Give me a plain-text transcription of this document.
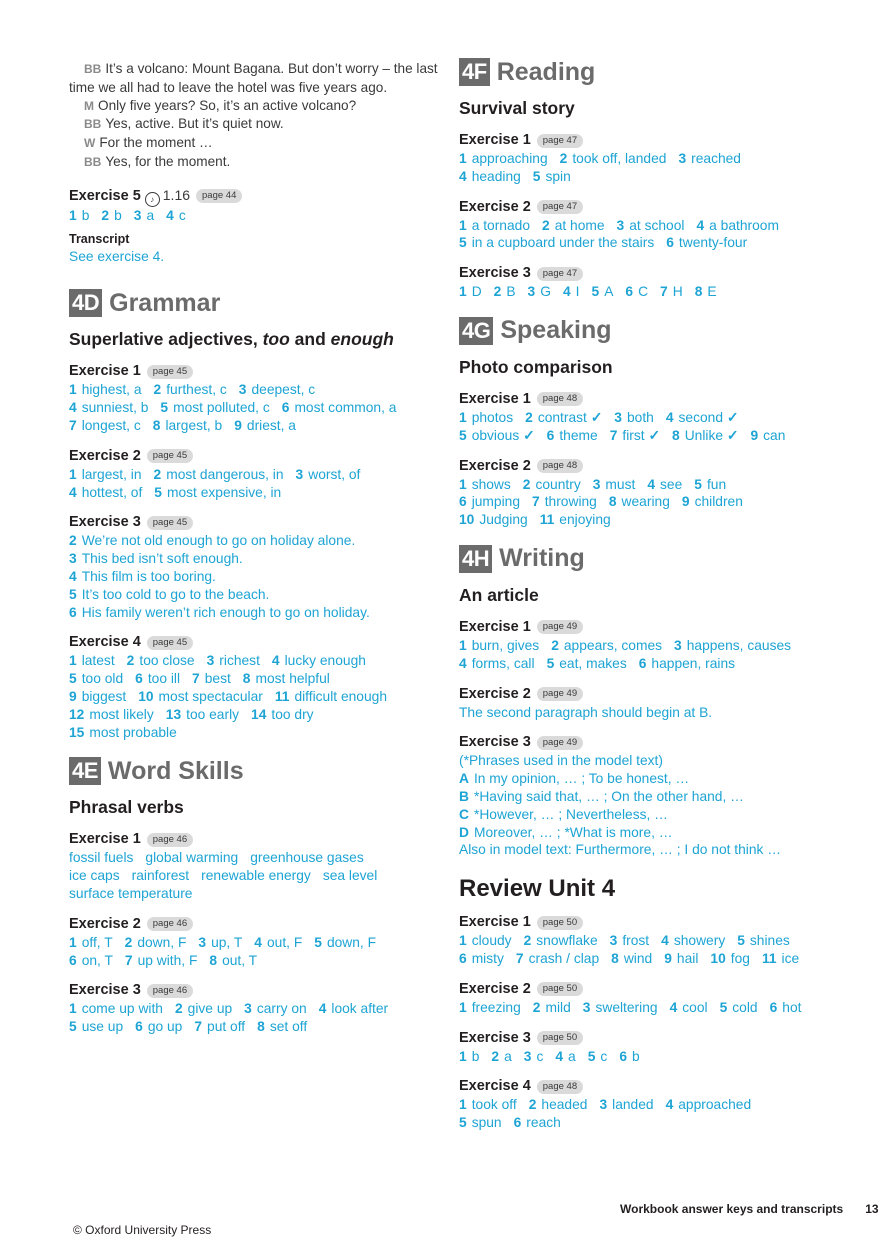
BB It’s a volcano: Mount Bagana. But don’t worry – the last time we all had to leave the hotel was five years ago.

M Only five years? So, it’s an active volcano?

BB Yes, active. But it’s quiet now.

W For the moment …

BB Yes, for the moment.

Exercise 5	♪ 1.16	page 44
1 b 2 b 3 a 4 c
Transcript
See exercise 4.
4D Grammar
Superlative adjectives, too and enough
Exercise 1	page 45
1 highest, a 2 furthest, c 3 deepest, c
4 sunniest, b 5 most polluted, c 6 most common, a
7 longest, c 8 largest, b 9 driest, a
Exercise 2	page 45
1 largest, in 2 most dangerous, in 3 worst, of
4 hottest, of 5 most expensive, in
Exercise 3	page 45
2 We’re not old enough to go on holiday alone.
3 This bed isn’t soft enough.
4 This film is too boring.
5 It’s too cold to go to the beach.
6 His family weren’t rich enough to go on holiday.
Exercise 4	page 45
1 latest 2 too close 3 richest 4 lucky enough
5 too old 6 too ill 7 best 8 most helpful
9 biggest 10 most spectacular 11 difficult enough
12 most likely 13 too early 14 too dry
15 most probable
4E Word Skills
Phrasal verbs
Exercise 1	page 46
fossil fuels global warming greenhouse gases
ice caps rainforest renewable energy sea level
surface temperature
Exercise 2	page 46
1 off, T 2 down, F 3 up, T 4 out, F 5 down, F
6 on, T 7 up with, F 8 out, T
Exercise 3	page 46
1 come up with 2 give up 3 carry on 4 look after
5 use up 6 go up 7 put off 8 set off
4F Reading
Survival story
Exercise 1	page 47
1 approaching 2 took off, landed 3 reached
4 heading 5 spin
Exercise 2	page 47
1 a tornado 2 at home 3 at school 4 a bathroom
5 in a cupboard under the stairs 6 twenty-four
Exercise 3	page 47
1 D 2 B 3 G 4 I 5 A 6 C 7 H 8 E
4G Speaking
Photo comparison
Exercise 1	page 48
1 photos 2 contrast ✓ 3 both 4 second ✓
5 obvious ✓ 6 theme 7 first ✓ 8 Unlike ✓ 9 can
Exercise 2	page 48
1 shows 2 country 3 must 4 see 5 fun
6 jumping 7 throwing 8 wearing 9 children
10 Judging 11 enjoying
4H Writing
An article
Exercise 1	page 49
1 burn, gives 2 appears, comes 3 happens, causes
4 forms, call 5 eat, makes 6 happen, rains
Exercise 2	page 49
The second paragraph should begin at B.
Exercise 3	page 49
(*Phrases used in the model text)
A In my opinion, … ; To be honest, …
B *Having said that, … ; On the other hand, …
C *However, … ; Nevertheless, …
D Moreover, … ; *What is more, …
Also in model text: Furthermore, … ; I do not think …
Review Unit 4
Exercise 1	page 50
1 cloudy 2 snowflake 3 frost 4 showery 5 shines
6 misty 7 crash / clap 8 wind 9 hail 10 fog 11 ice
Exercise 2	page 50
1 freezing 2 mild 3 sweltering 4 cool 5 cold 6 hot
Exercise 3	page 50
1 b 2 a 3 c 4 a 5 c 6 b
Exercise 4	page 48
1 took off 2 headed 3 landed 4 approached
5 spun 6 reach
Workbook answer keys and transcripts 13
© Oxford University Press
